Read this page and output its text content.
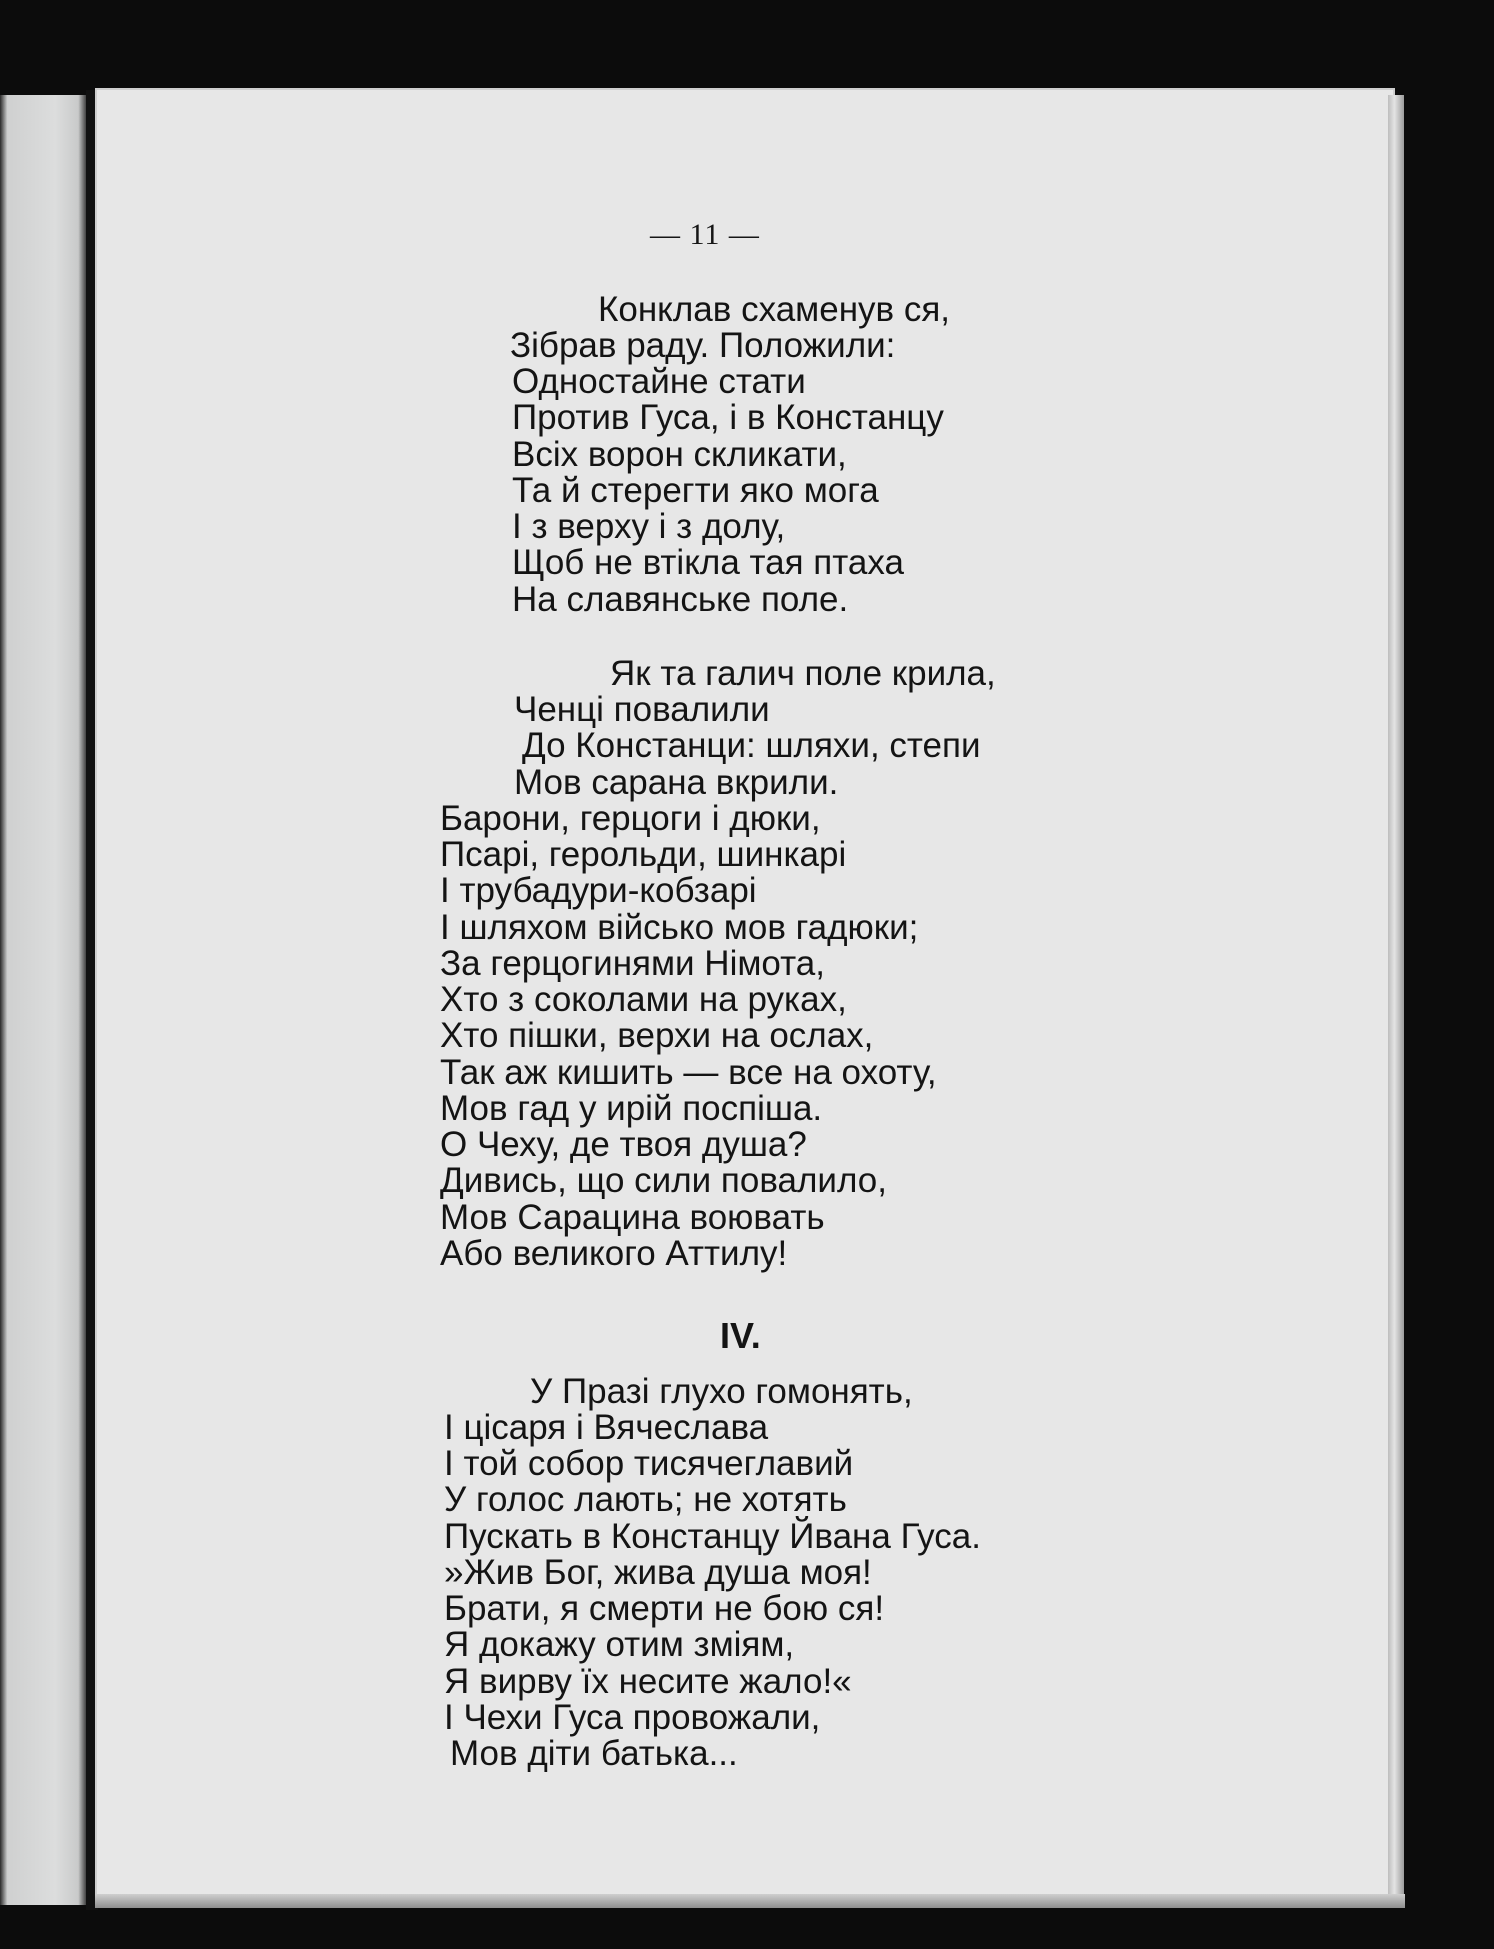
— 11 —
Конклав схаменув ся,
Зібрав раду. Положили:
Одностайне стати
Против Гуса, і в Констанцу
Всіх ворон скликати,
Та й стерегти яко мога
І з верху і з долу,
Щоб не втікла тая птаха
На славянське поле.
Як та галич поле крила,
Ченці повалили
До Констанци: шляхи, степи
Мов сарана вкрили.
Барони, герцоги і дюки,
Псарі, герольди, шинкарі
І трубадури-кобзарі
І шляхом військо мов гадюки;
За герцогинями Німота,
Хто з соколами на руках,
Хто пішки, верхи на ослах,
Так аж кишить — все на охоту,
Мов гад у ирій поспіша.
О Чеху, де твоя душа?
Дивись, що сили повалило,
Мов Сарацина воювать
Або великого Аттилу!
IV.
У Празі глухо гомонять,
І цісаря і Вячеслава
І той собор тисячеглавий
У голос лають; не хотять
Пускать в Констанцу Йвана Гуса.
»Жив Бог, жива душа моя!
Брати, я смерти не бою ся!
Я докажу отим зміям,
Я вирву їх несите жало!«
І Чехи Гуса провожали,
Мов діти батька...
